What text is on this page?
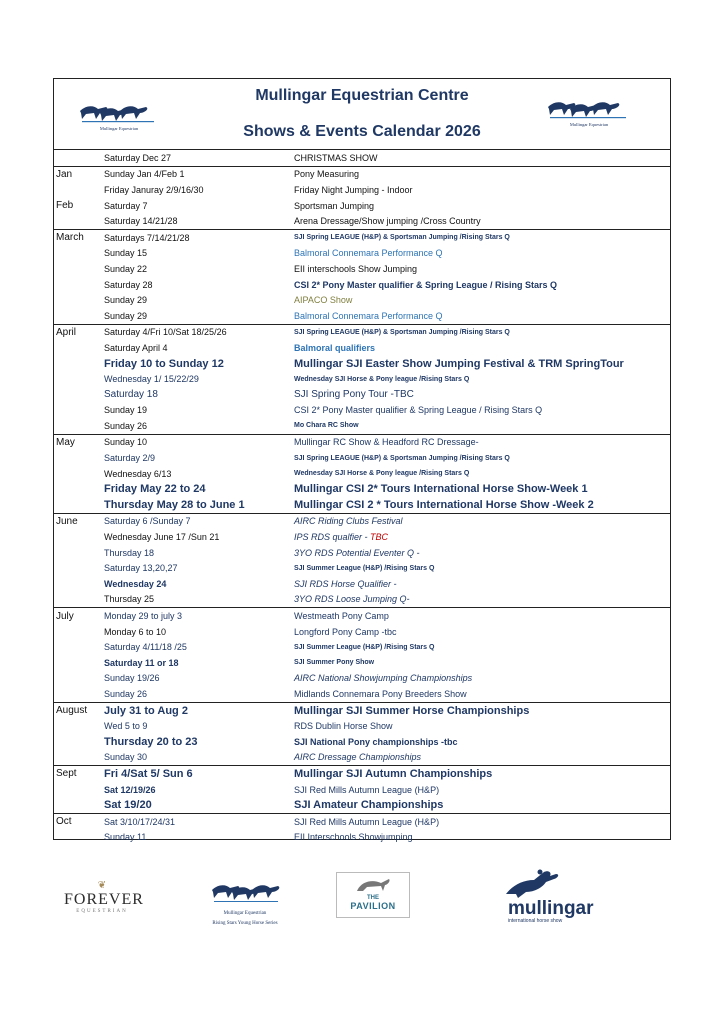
Mullingar Equestrian
Mullingar Equestrian Centre
Shows & Events Calendar 2026	Mullingar Equestrian
Saturday Dec 27	CHRISTMAS SHOW
Jan	Sunday Jan 4/Feb 1	Pony Measuring
Friday Januray 2/9/16/30	Friday Night Jumping - Indoor
Feb	Saturday 7	Sportsman Jumping
Saturday 14/21/28	Arena Dressage/Show jumping /Cross Country
March	Saturdays 7/14/21/28	SJI Spring LEAGUE (H&P) & Sportsman Jumping /Rising Stars Q
Sunday 15	Balmoral Connemara Performance Q
Sunday 22	EII interschools Show Jumping
Saturday 28	CSI 2* Pony Master qualifier & Spring League / Rising Stars Q
Sunday 29	AIPACO Show
Sunday 29	Balmoral Connemara Performance Q
April	Saturday 4/Fri 10/Sat 18/25/26	SJI Spring LEAGUE (H&P) & Sportsman Jumping /Rising Stars Q
Saturday April 4	Balmoral qualifiers
Friday 10 to Sunday 12	Mullingar SJI Easter Show Jumping Festival & TRM SpringTour
Wednesday 1/ 15/22/29	Wednesday SJI Horse & Pony league /Rising Stars Q
Saturday 18	SJI Spring Pony Tour -TBC
Sunday 19	CSI 2* Pony Master qualifier & Spring League / Rising Stars Q
Sunday 26	Mo Chara RC Show
May	Sunday 10	Mullingar RC Show & Headford RC Dressage-
Saturday 2/9	SJI Spring LEAGUE (H&P) & Sportsman Jumping /Rising Stars Q
Wednesday 6/13	Wednesday SJI Horse & Pony league /Rising Stars Q
Friday May 22 to 24	Mullingar CSI 2* Tours International Horse Show-Week 1
Thursday May 28 to June 1	Mullingar CSI 2 * Tours International Horse Show -Week 2
June	Saturday 6 /Sunday 7	AIRC Riding Clubs Festival
Wednesday June 17 /Sun 21	IPS RDS qualfier - TBC
Thursday 18	3YO RDS Potential Eventer Q -
Saturday 13,20,27	SJI Summer League (H&P) /Rising Stars Q
Wednesday 24	SJI RDS Horse Qualifier -
Thursday 25	3YO RDS Loose Jumping Q-
July	Monday 29 to july 3	Westmeath Pony Camp
Monday 6 to 10	Longford Pony Camp -tbc
Saturday 4/11/18 /25	SJI Summer League (H&P) /Rising Stars Q
Saturday 11 or 18	SJI Summer Pony Show
Sunday 19/26	AIRC National Showjumping Championships
Sunday 26	Midlands Connemara Pony Breeders Show
August	July 31 to Aug 2	Mullingar SJI Summer Horse Championships
Wed 5 to 9	RDS Dublin Horse Show
Thursday 20 to 23	SJI National Pony championships -tbc
Sunday 30	AIRC Dressage Championships
Sept	Fri 4/Sat 5/ Sun 6	Mullingar SJI Autumn Championships
Sat 12/19/26	SJI Red Mills Autumn League (H&P)
Sat 19/20	SJI Amateur Championships
Oct	Sat 3/10/17/24/31	SJI Red Mills Autumn League (H&P)
Sunday 11	EII Interschools Showjumping
❦
FOREVER
EQUESTRIAN	Mullingar Equestrian
Rising Stars Young Horse Series
THE
PAVILION	mullingar
international horse show
